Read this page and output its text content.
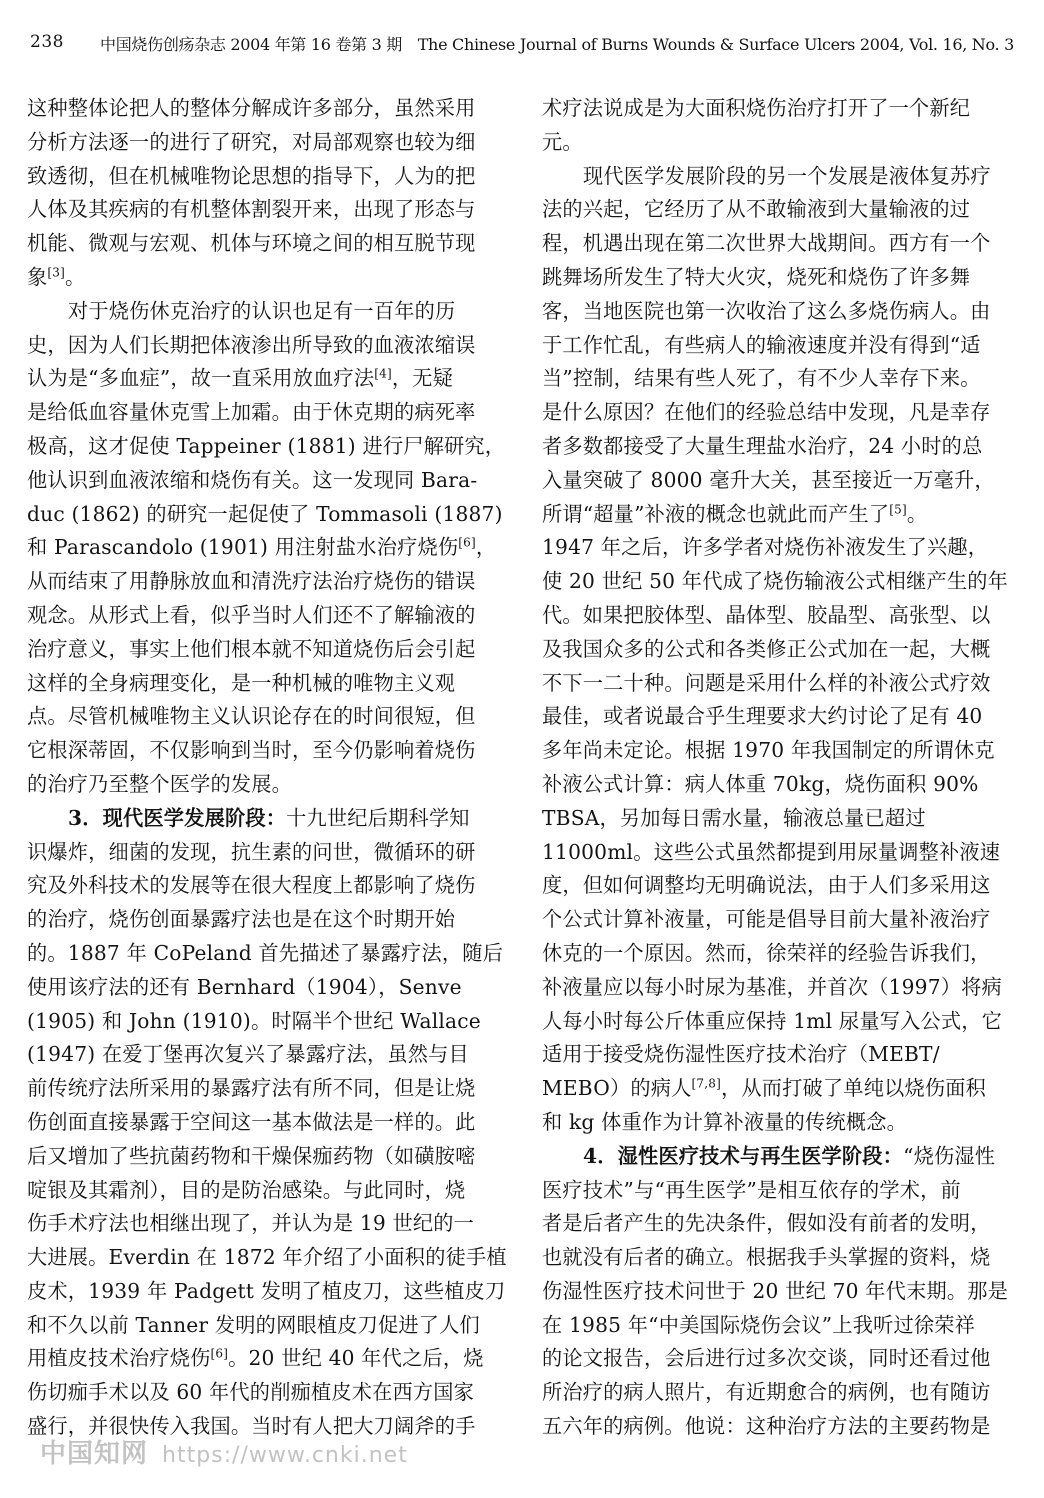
238 中国烧伤创疡杂志 2004 年第 16 卷第 3 期　The Chinese Journal of Burns Wounds & Surface Ulcers 2004, Vol. 16, No. 3

这种整体论把人的整体分解成许多部分，虽然采用

分析方法逐一的进行了研究，对局部观察也较为细

致透彻，但在机械唯物论思想的指导下，人为的把

人体及其疾病的有机整体割裂开来，出现了形态与

机能、微观与宏观、机体与环境之间的相互脱节现

象[3]。

对于烧伤休克治疗的认识也足有一百年的历

史，因为人们长期把体液渗出所导致的血液浓缩误

认为是“多血症”，故一直采用放血疗法[4]，无疑

是给低血容量休克雪上加霜。由于休克期的病死率

极高，这才促使 Tappeiner (1881) 进行尸解研究，

他认识到血液浓缩和烧伤有关。这一发现同 Bara-

duc (1862) 的研究一起促使了 Tommasoli (1887)

和 Parascandolo (1901) 用注射盐水治疗烧伤[6]，

从而结束了用静脉放血和清洗疗法治疗烧伤的错误

观念。从形式上看，似乎当时人们还不了解输液的

治疗意义，事实上他们根本就不知道烧伤后会引起

这样的全身病理变化，是一种机械的唯物主义观

点。尽管机械唯物主义认识论存在的时间很短，但

它根深蒂固，不仅影响到当时，至今仍影响着烧伤

的治疗乃至整个医学的发展。

3．现代医学发展阶段：十九世纪后期科学知

识爆炸，细菌的发现，抗生素的问世，微循环的研

究及外科技术的发展等在很大程度上都影响了烧伤

的治疗，烧伤创面暴露疗法也是在这个时期开始

的。1887 年 CoPeland 首先描述了暴露疗法，随后

使用该疗法的还有 Bernhard（1904），Senve

(1905) 和 John (1910)。时隔半个世纪 Wallace

(1947) 在爱丁堡再次复兴了暴露疗法，虽然与目

前传统疗法所采用的暴露疗法有所不同，但是让烧

伤创面直接暴露于空间这一基本做法是一样的。此

后又增加了些抗菌药物和干燥保痂药物（如磺胺嘧

啶银及其霜剂），目的是防治感染。与此同时，烧

伤手术疗法也相继出现了，并认为是 19 世纪的一

大进展。Everdin 在 1872 年介绍了小面积的徒手植

皮术，1939 年 Padgett 发明了植皮刀，这些植皮刀

和不久以前 Tanner 发明的网眼植皮刀促进了人们

用植皮技术治疗烧伤[6]。20 世纪 40 年代之后，烧

伤切痂手术以及 60 年代的削痂植皮术在西方国家

盛行，并很快传入我国。当时有人把大刀阔斧的手

术疗法说成是为大面积烧伤治疗打开了一个新纪

元。

现代医学发展阶段的另一个发展是液体复苏疗

法的兴起，它经历了从不敢输液到大量输液的过

程，机遇出现在第二次世界大战期间。西方有一个

跳舞场所发生了特大火灾，烧死和烧伤了许多舞

客，当地医院也第一次收治了这么多烧伤病人。由

于工作忙乱，有些病人的输液速度并没有得到“适

当”控制，结果有些人死了，有不少人幸存下来。

是什么原因？在他们的经验总结中发现，凡是幸存

者多数都接受了大量生理盐水治疗，24 小时的总

入量突破了 8000 毫升大关，甚至接近一万毫升，

所谓“超量”补液的概念也就此而产生了[5]。

1947 年之后，许多学者对烧伤补液发生了兴趣，

使 20 世纪 50 年代成了烧伤输液公式相继产生的年

代。如果把胶体型、晶体型、胶晶型、高张型、以

及我国众多的公式和各类修正公式加在一起，大概

不下一二十种。问题是采用什么样的补液公式疗效

最佳，或者说最合乎生理要求大约讨论了足有 40

多年尚未定论。根据 1970 年我国制定的所谓休克

补液公式计算：病人体重 70kg，烧伤面积 90%

TBSA，另加每日需水量，输液总量已超过

11000ml。这些公式虽然都提到用尿量调整补液速

度，但如何调整均无明确说法，由于人们多采用这

个公式计算补液量，可能是倡导目前大量补液治疗

休克的一个原因。然而，徐荣祥的经验告诉我们，

补液量应以每小时尿为基准，并首次（1997）将病

人每小时每公斤体重应保持 1ml 尿量写入公式，它

适用于接受烧伤湿性医疗技术治疗（MEBT/

MEBO）的病人[7,8]，从而打破了单纯以烧伤面积

和 kg 体重作为计算补液量的传统概念。

4．湿性医疗技术与再生医学阶段：“烧伤湿性

医疗技术”与“再生医学”是相互依存的学术，前

者是后者产生的先决条件，假如没有前者的发明，

也就没有后者的确立。根据我手头掌握的资料，烧

伤湿性医疗技术问世于 20 世纪 70 年代末期。那是

在 1985 年“中美国际烧伤会议”上我听过徐荣祥

的论文报告，会后进行过多次交谈，同时还看过他

所治疗的病人照片，有近期愈合的病例，也有随访

五六年的病例。他说：这种治疗方法的主要药物是

中国知网 https://www.cnki.net
